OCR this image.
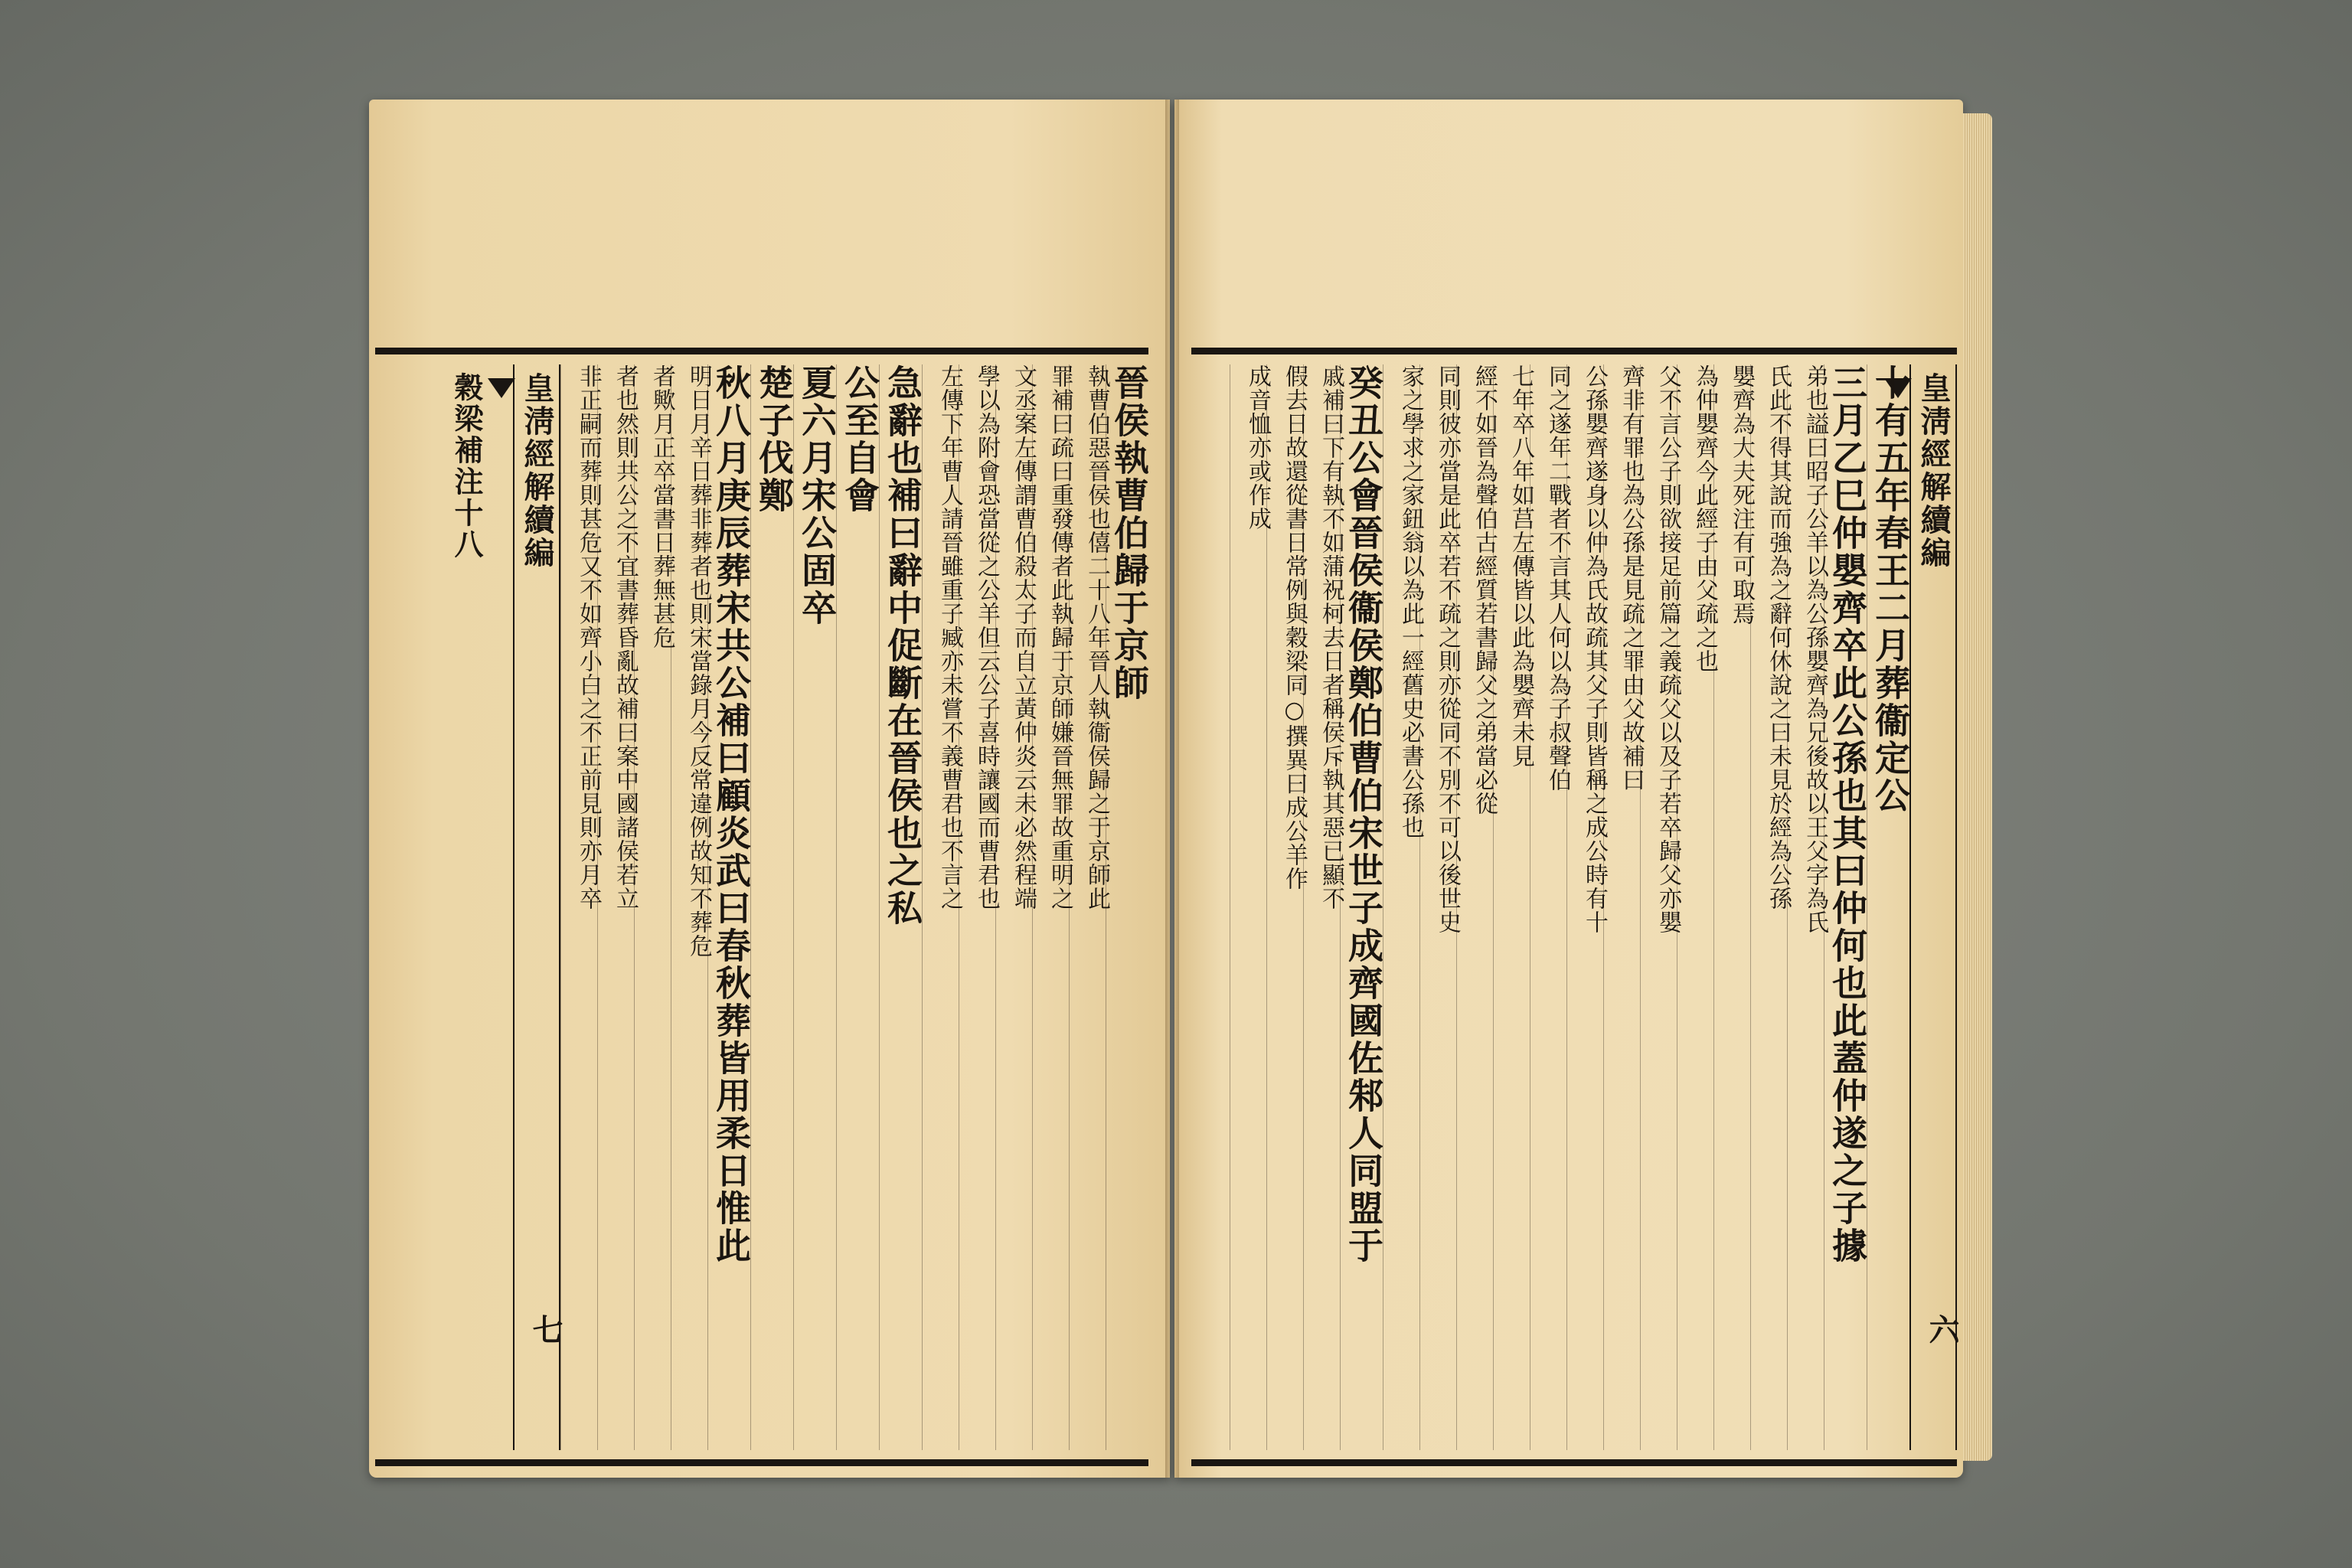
晉侯執曹伯歸于京師
執曹伯惡晉侯也僖二十八年晉人執衞侯歸之于京師此
罪補曰疏曰重發傳者此執歸于京師嫌晉無罪故重明之
文丞案左傳謂曹伯殺太子而自立黃仲炎云未必然程端
學以為附會恐當從之公羊但云公子喜時讓國而曹君也
左傳下年曹人請晉雖重子臧亦未嘗不義曹君也不言之
急辭也補曰辭中促斷在晉侯也之私
公至自會
夏六月宋公固卒
楚子伐鄭
秋八月庚辰葬宋共公補曰顧炎武曰春秋葬皆用柔日惟此
明日月辛日葬非葬者也則宋當錄月今反常違例故知不葬危
者歟月正卒當書日葬無甚危
者也然則共公之不宜書葬昏亂故補曰案中國諸侯若立
非正嗣而葬則甚危又不如齊小白之不正前見則亦月卒
皇淸經解續編
穀梁補注十八
七
皇淸經解續編
六
十有五年春王二月葬衞定公
三月乙巳仲嬰齊卒此公孫也其曰仲何也此蓋仲遂之子據
弟也謚曰昭子公羊以為公孫嬰齊為兄後故以王父字為氏
氏此不得其說而強為之辭何休說之曰未見於經為公孫
嬰齊為大夫死注有可取焉
為仲嬰齊今此經子由父疏之也
父不言公子則欲接足前篇之義疏父以及子若卒歸父亦嬰
齊非有罪也為公孫是見疏之罪由父故補曰
公孫嬰齊遂身以仲為氏故疏其父子則皆稱之成公時有十
同之遂年二戰者不言其人何以為子叔聲伯
七年卒八年如莒左傳皆以此為嬰齊未見
經不如晉為聲伯古經質若書歸父之弟當必從
同則彼亦當是此卒若不疏之則亦從同不別不可以後世史
家之學求之家鈕翁以為此一經舊史必書公孫也
癸丑公會晉侯衞侯鄭伯曹伯宋世子成齊國佐邾人同盟于
戚補曰下有執不如蒲祝柯去日者稱侯斥執其惡已顯不
假去日故還從書日常例與穀梁同○撰異曰成公羊作
成音恤亦或作成
